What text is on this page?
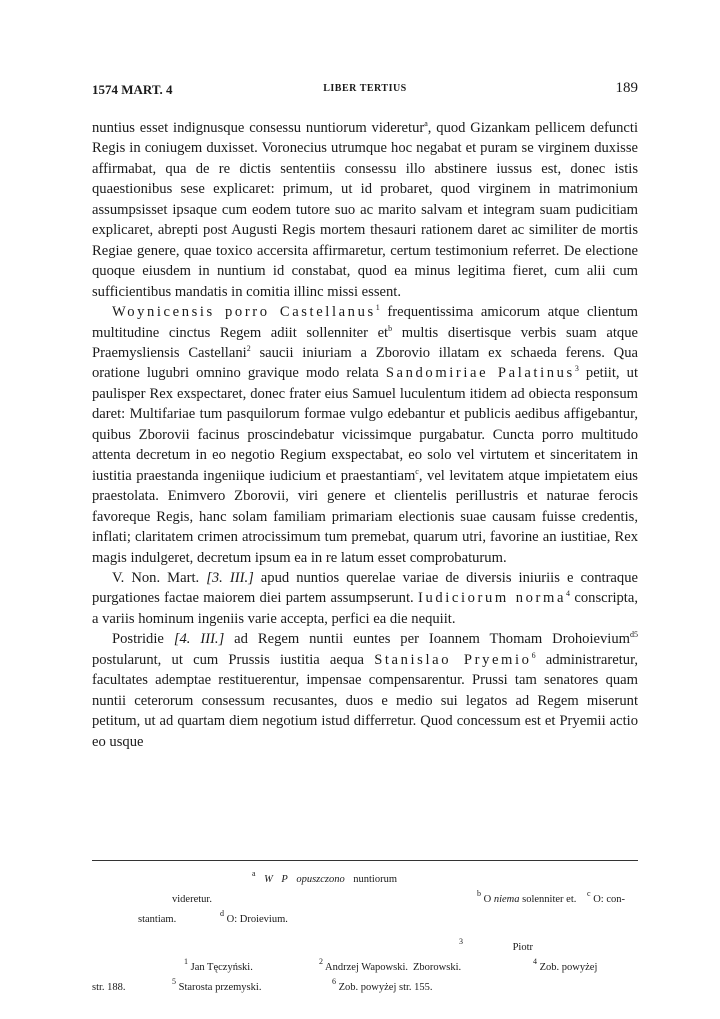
1574 MART. 4	LIBER TERTIUS	189

nuntius esset indignusque consessu nuntiorum videretur$^a$, quod Gizankam pellicem defuncti Regis in coniugem duxisset. Voronecius utrumque hoc negabat et puram se virginem duxisse affirmabat, qua de re dictis sententiis consessu illo abstinere iussus est, donec istis quaestionibus sese explicaret: primum, ut id probaret, quod virginem in matrimonium assumpsisset ipsaque cum eodem tutore suo ac marito salvam et integram suam pudicitiam explicaret, abrepti post Augusti Regis mortem thesauri rationem daret ac similiter de mortis Regiae genere, quae toxico accersita affirmaretur, certum testimonium referret. De electione quoque eiusdem in nuntium id constabat, quod ea minus legitima fieret, cum alii cum sufficientibus mandatis in comitia illinc missi essent.

Woynicensis porro Castellanus$^1$ frequentissima amicorum atque clientum multitudine cinctus Regem adiit sollenniter $et^b$ multis disertisque verbis suam atque Praemysliensis Castellani$^2$ saucii iniuriam a Zborovio illatam ex schaeda ferens. Qua oratione lugubri omnino gravique modo relata Sandomiriae Palatinus$^3$ petiit, ut paulisper Rex exspectaret, donec frater eius Samuel luculentum itidem ad obiecta responsum daret: Multifariae tum pasquilorum formae vulgo edebantur et publicis aedibus affigebantur, quibus Zborovii facinus proscindebatur vicissimque purgabatur. Cuncta porro multitudo attenta decretum in eo negotio Regium exspectabat, eo solo vel virtutem et sinceritatem in iustitia praestanda ingeniique iudicium et praestantiam$^c$, vel levitatem atque impietatem eius praestolata. Enimvero Zborovii, viri genere et clientelis perillustris et naturae ferocis favoreque Regis, hanc solam familiam primariam electionis suae causam fuisse credentis, inflati; claritatem crimen atrocissimum tum premebat, quarum utri, favorine an iustitiae, Rex magis indulgeret, decretum ipsum ea in re latum esset comprobaturum.

V. Non. Mart. [3. III.] apud nuntios querelae variae de diversis iniuriis e contraque purgationes factae maiorem diei partem assumpserunt. Iudiciorum norma$^4$ conscripta, a variis hominum ingeniis varie accepta, perfici ea die nequiit.

Postridie [4. III.] ad Regem nuntii euntes per Ioannem Thomam Drohoievium$^{d5}$ postularunt, ut cum Prussis iustitia aequa Stanislao Pryemio$^6$ administraretur, facultates ademptae restituerentur, impensae compensarentur. Prussi tam senatores quam nuntii ceterorum consessum recusantes, duos e medio sui legatos ad Regem miserunt petitum, ut ad quartam diem negotium istud differretur. Quod concessum est et Pryemii actio eo usque

$^a$ W P opuszczono nuntiorum videretur.$^b$ O niema solenniter et.$^c$ O: con-

stantiam.$^d$ O: Droievium.

$^1$ Jan Tęczyński.$^2$ Andrzej Wapowski.$^3$ Piotr Zborowski.$^4$ Zob. powyżej

str. 188.$^5$ Starosta przemyski.$^6$ Zob. powyżej str. 155.
